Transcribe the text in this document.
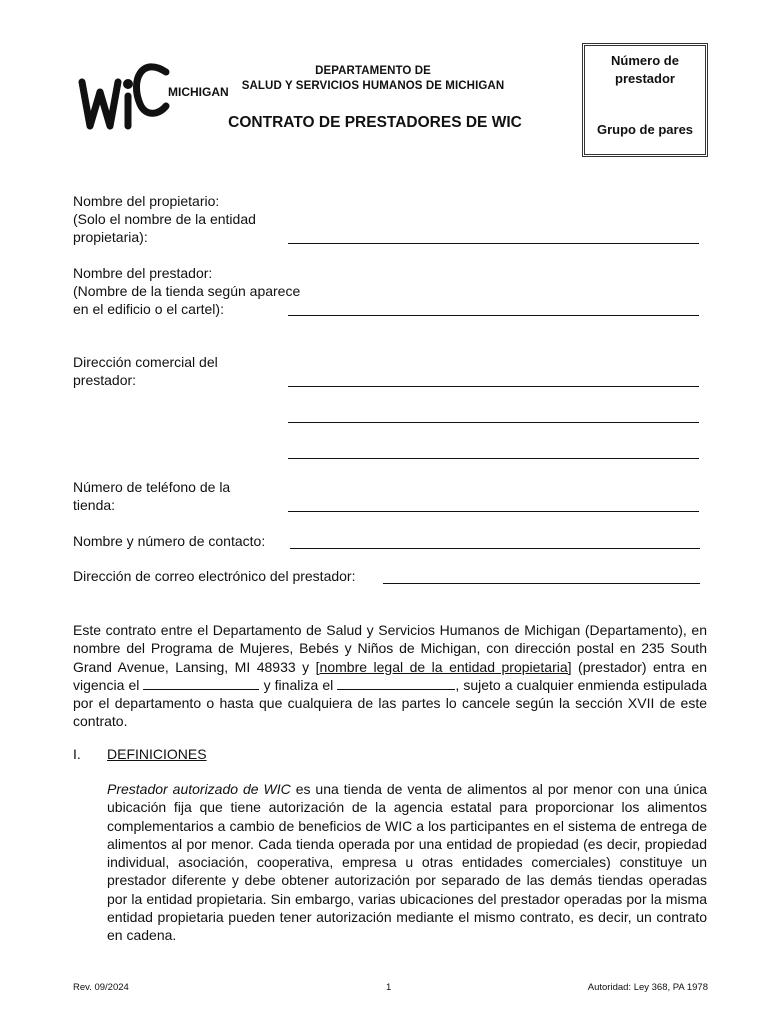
MICHIGAN
DEPARTAMENTO DE
SALUD Y SERVICIOS HUMANOS DE MICHIGAN
CONTRATO DE PRESTADORES DE WIC
Número de
prestador
Grupo de pares
Nombre del propietario:
(Solo el nombre de la entidad
propietaria):
Nombre del prestador:
(Nombre de la tienda según aparece
en el edificio o el cartel):
Dirección comercial del
prestador:
Número de teléfono de la
tienda:
Nombre y número de contacto:
Dirección de correo electrónico del prestador:
Este contrato entre el Departamento de Salud y Servicios Humanos de Michigan (Departamento), en nombre del Programa de Mujeres, Bebés y Niños de Michigan, con dirección postal en 235 South Grand Avenue, Lansing, MI 48933 y [nombre legal de la entidad propietaria] (prestador) entra en vigencia el	y finaliza el	, sujeto a cualquier enmienda estipulada por el departamento o hasta que cualquiera de las partes lo cancele según la sección XVII de este contrato.
I. DEFINICIONES
Prestador autorizado de WIC es una tienda de venta de alimentos al por menor con una única ubicación fija que tiene autorización de la agencia estatal para proporcionar los alimentos complementarios a cambio de beneficios de WIC a los participantes en el sistema de entrega de alimentos al por menor. Cada tienda operada por una entidad de propiedad (es decir, propiedad individual, asociación, cooperativa, empresa u otras entidades comerciales) constituye un prestador diferente y debe obtener autorización por separado de las demás tiendas operadas por la entidad propietaria. Sin embargo, varias ubicaciones del prestador operadas por la misma entidad propietaria pueden tener autorización mediante el mismo contrato, es decir, un contrato en cadena.
Rev. 09/2024	1	Autoridad: Ley 368, PA 1978
